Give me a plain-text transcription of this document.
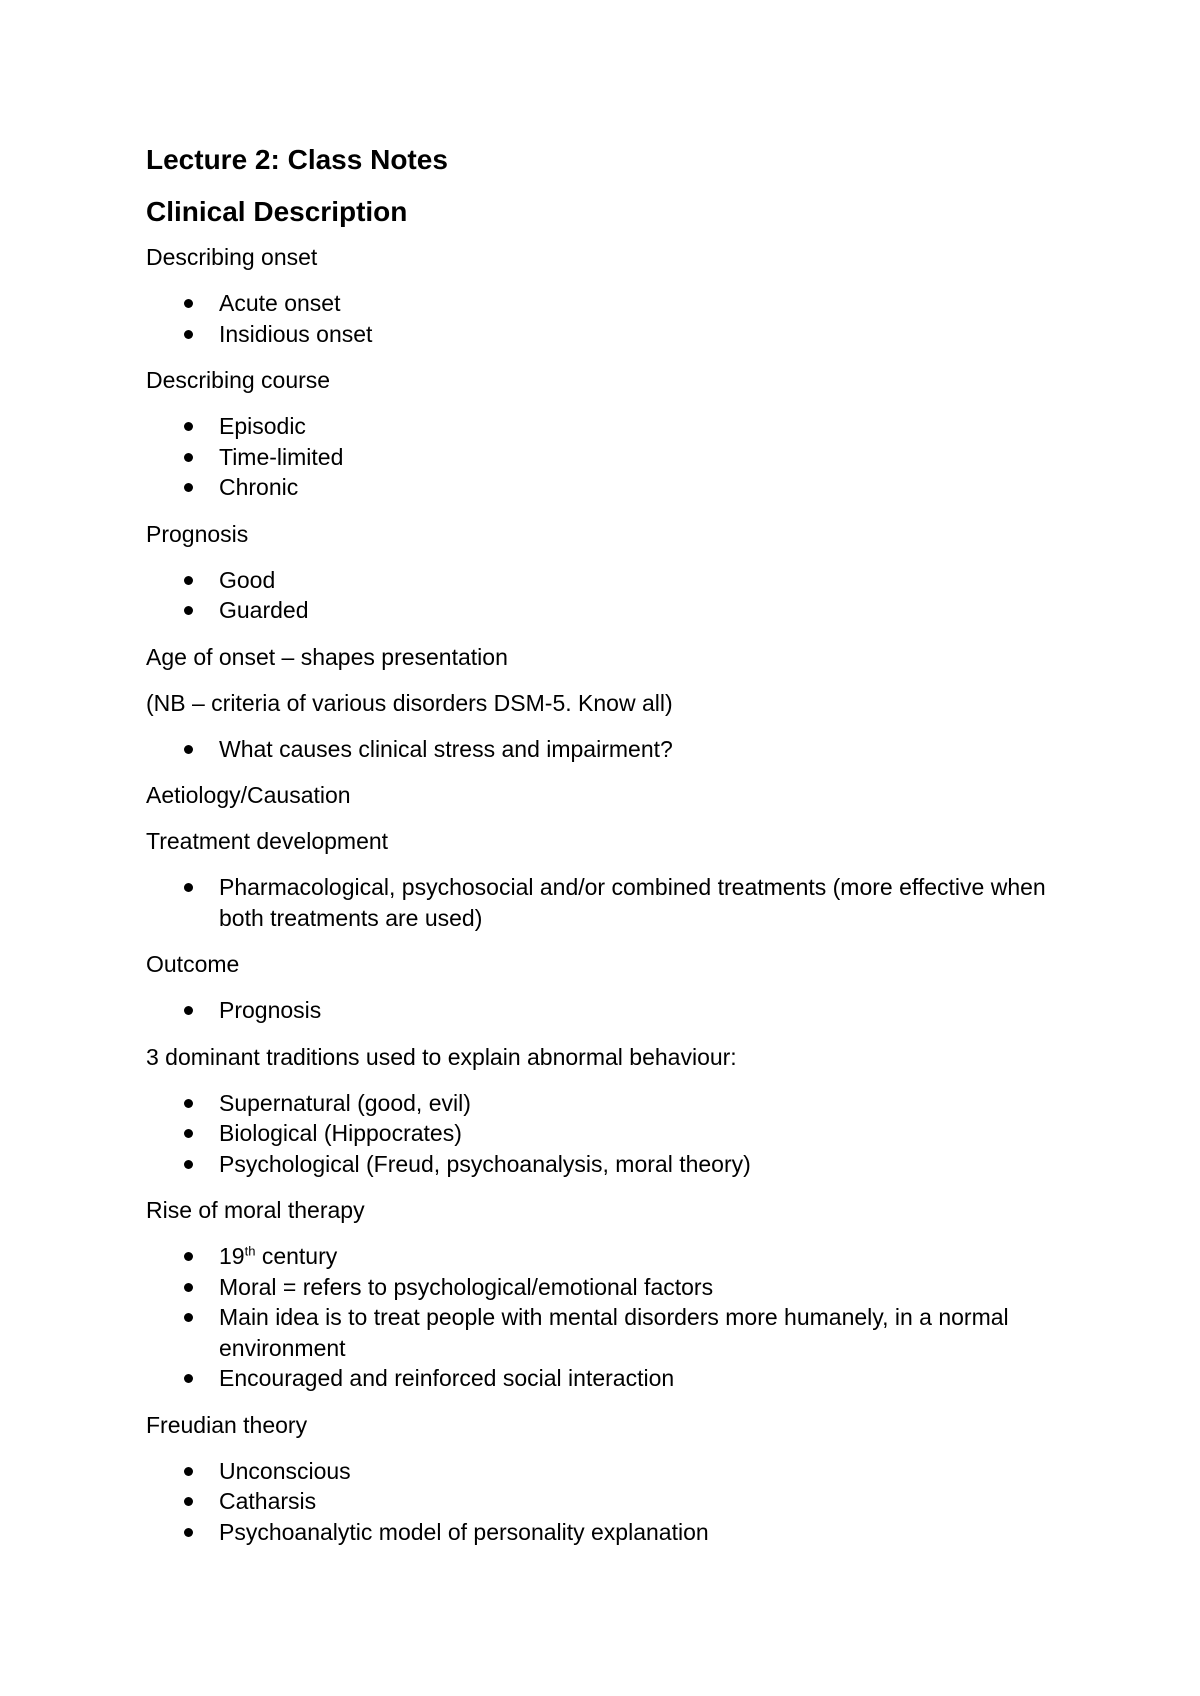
Lecture 2: Class Notes
Clinical Description
Describing onset
Acute onset
Insidious onset
Describing course
Episodic
Time-limited
Chronic
Prognosis
Good
Guarded
Age of onset – shapes presentation
(NB – criteria of various disorders DSM-5. Know all)
What causes clinical stress and impairment?
Aetiology/Causation
Treatment development
Pharmacological, psychosocial and/or combined treatments (more effective when both treatments are used)
Outcome
Prognosis
3 dominant traditions used to explain abnormal behaviour:
Supernatural (good, evil)
Biological (Hippocrates)
Psychological (Freud, psychoanalysis, moral theory)
Rise of moral therapy
19th century
Moral = refers to psychological/emotional factors
Main idea is to treat people with mental disorders more humanely, in a normal environment
Encouraged and reinforced social interaction
Freudian theory
Unconscious
Catharsis
Psychoanalytic model of personality explanation
